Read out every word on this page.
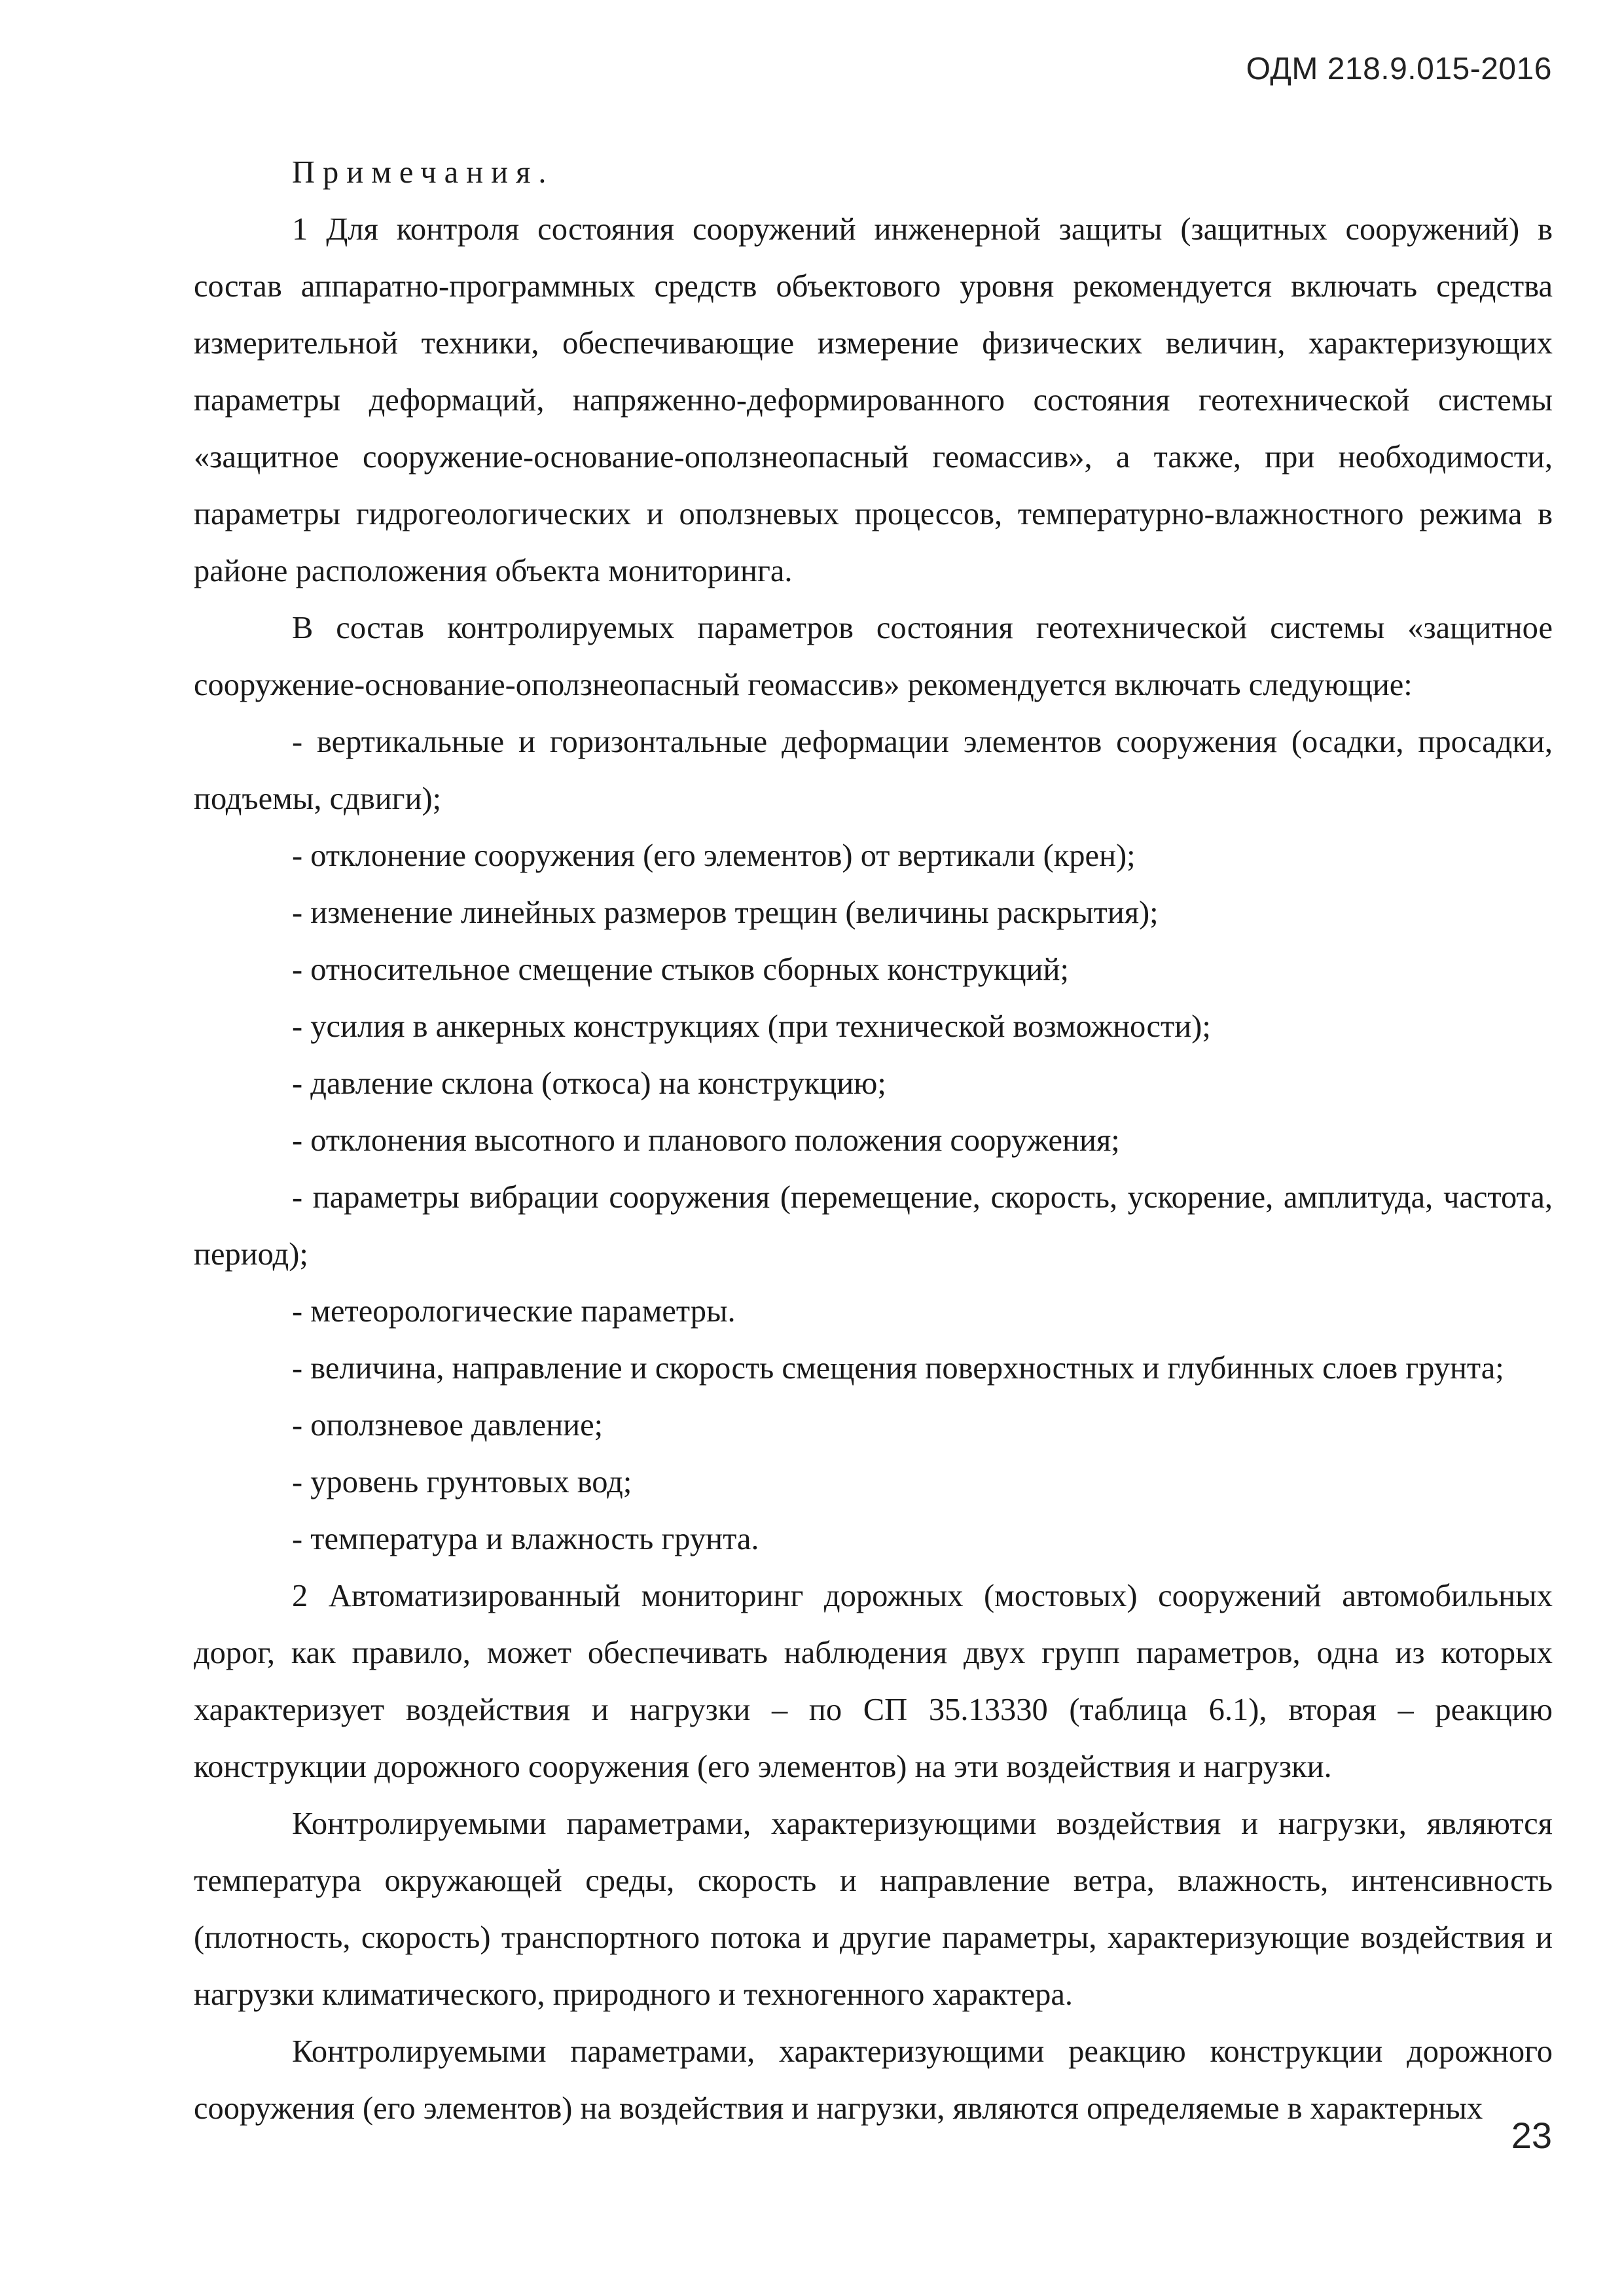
ОДМ 218.9.015-2016

Примечания.

1 Для контроля состояния сооружений инженерной защиты (защитных сооружений) в состав аппаратно-программных средств объектового уровня рекомендуется включать средства измерительной техники, обеспечивающие измерение физических величин, характеризующих параметры деформаций, напряженно-деформированного состояния геотехнической системы «защитное сооружение-основание-оползнеопасный геомассив», а также, при необходимости, параметры гидрогеологических и оползневых процессов, температурно-влажностного режима в районе расположения объекта мониторинга.

В состав контролируемых параметров состояния геотехнической системы «защитное сооружение-основание-оползнеопасный геомассив» рекомендуется включать следующие:

- вертикальные и горизонтальные деформации элементов сооружения (осадки, просадки, подъемы, сдвиги);

- отклонение сооружения (его элементов) от вертикали (крен);

- изменение линейных размеров трещин (величины раскрытия);

- относительное смещение стыков сборных конструкций;

- усилия в анкерных конструкциях (при технической возможности);

- давление склона (откоса) на конструкцию;

- отклонения высотного и планового положения сооружения;

- параметры вибрации сооружения (перемещение, скорость, ускорение, амплитуда, частота, период);

- метеорологические параметры.

- величина, направление и скорость смещения поверхностных и глубинных слоев грунта;

- оползневое давление;

- уровень грунтовых вод;

- температура и влажность грунта.

2 Автоматизированный мониторинг дорожных (мостовых) сооружений автомобильных дорог, как правило, может обеспечивать наблюдения двух групп параметров, одна из которых характеризует воздействия и нагрузки – по СП 35.13330 (таблица 6.1), вторая – реакцию конструкции дорожного сооружения (его элементов) на эти воздействия и нагрузки.

Контролируемыми параметрами, характеризующими воздействия и нагрузки, являются температура окружающей среды, скорость и направление ветра, влажность, интенсивность (плотность, скорость) транспортного потока и другие параметры, характеризующие воздействия и нагрузки климатического, природного и техногенного характера.

Контролируемыми параметрами, характеризующими реакцию конструкции дорожного сооружения (его элементов) на воздействия и нагрузки, являются определяемые в характерных

23
